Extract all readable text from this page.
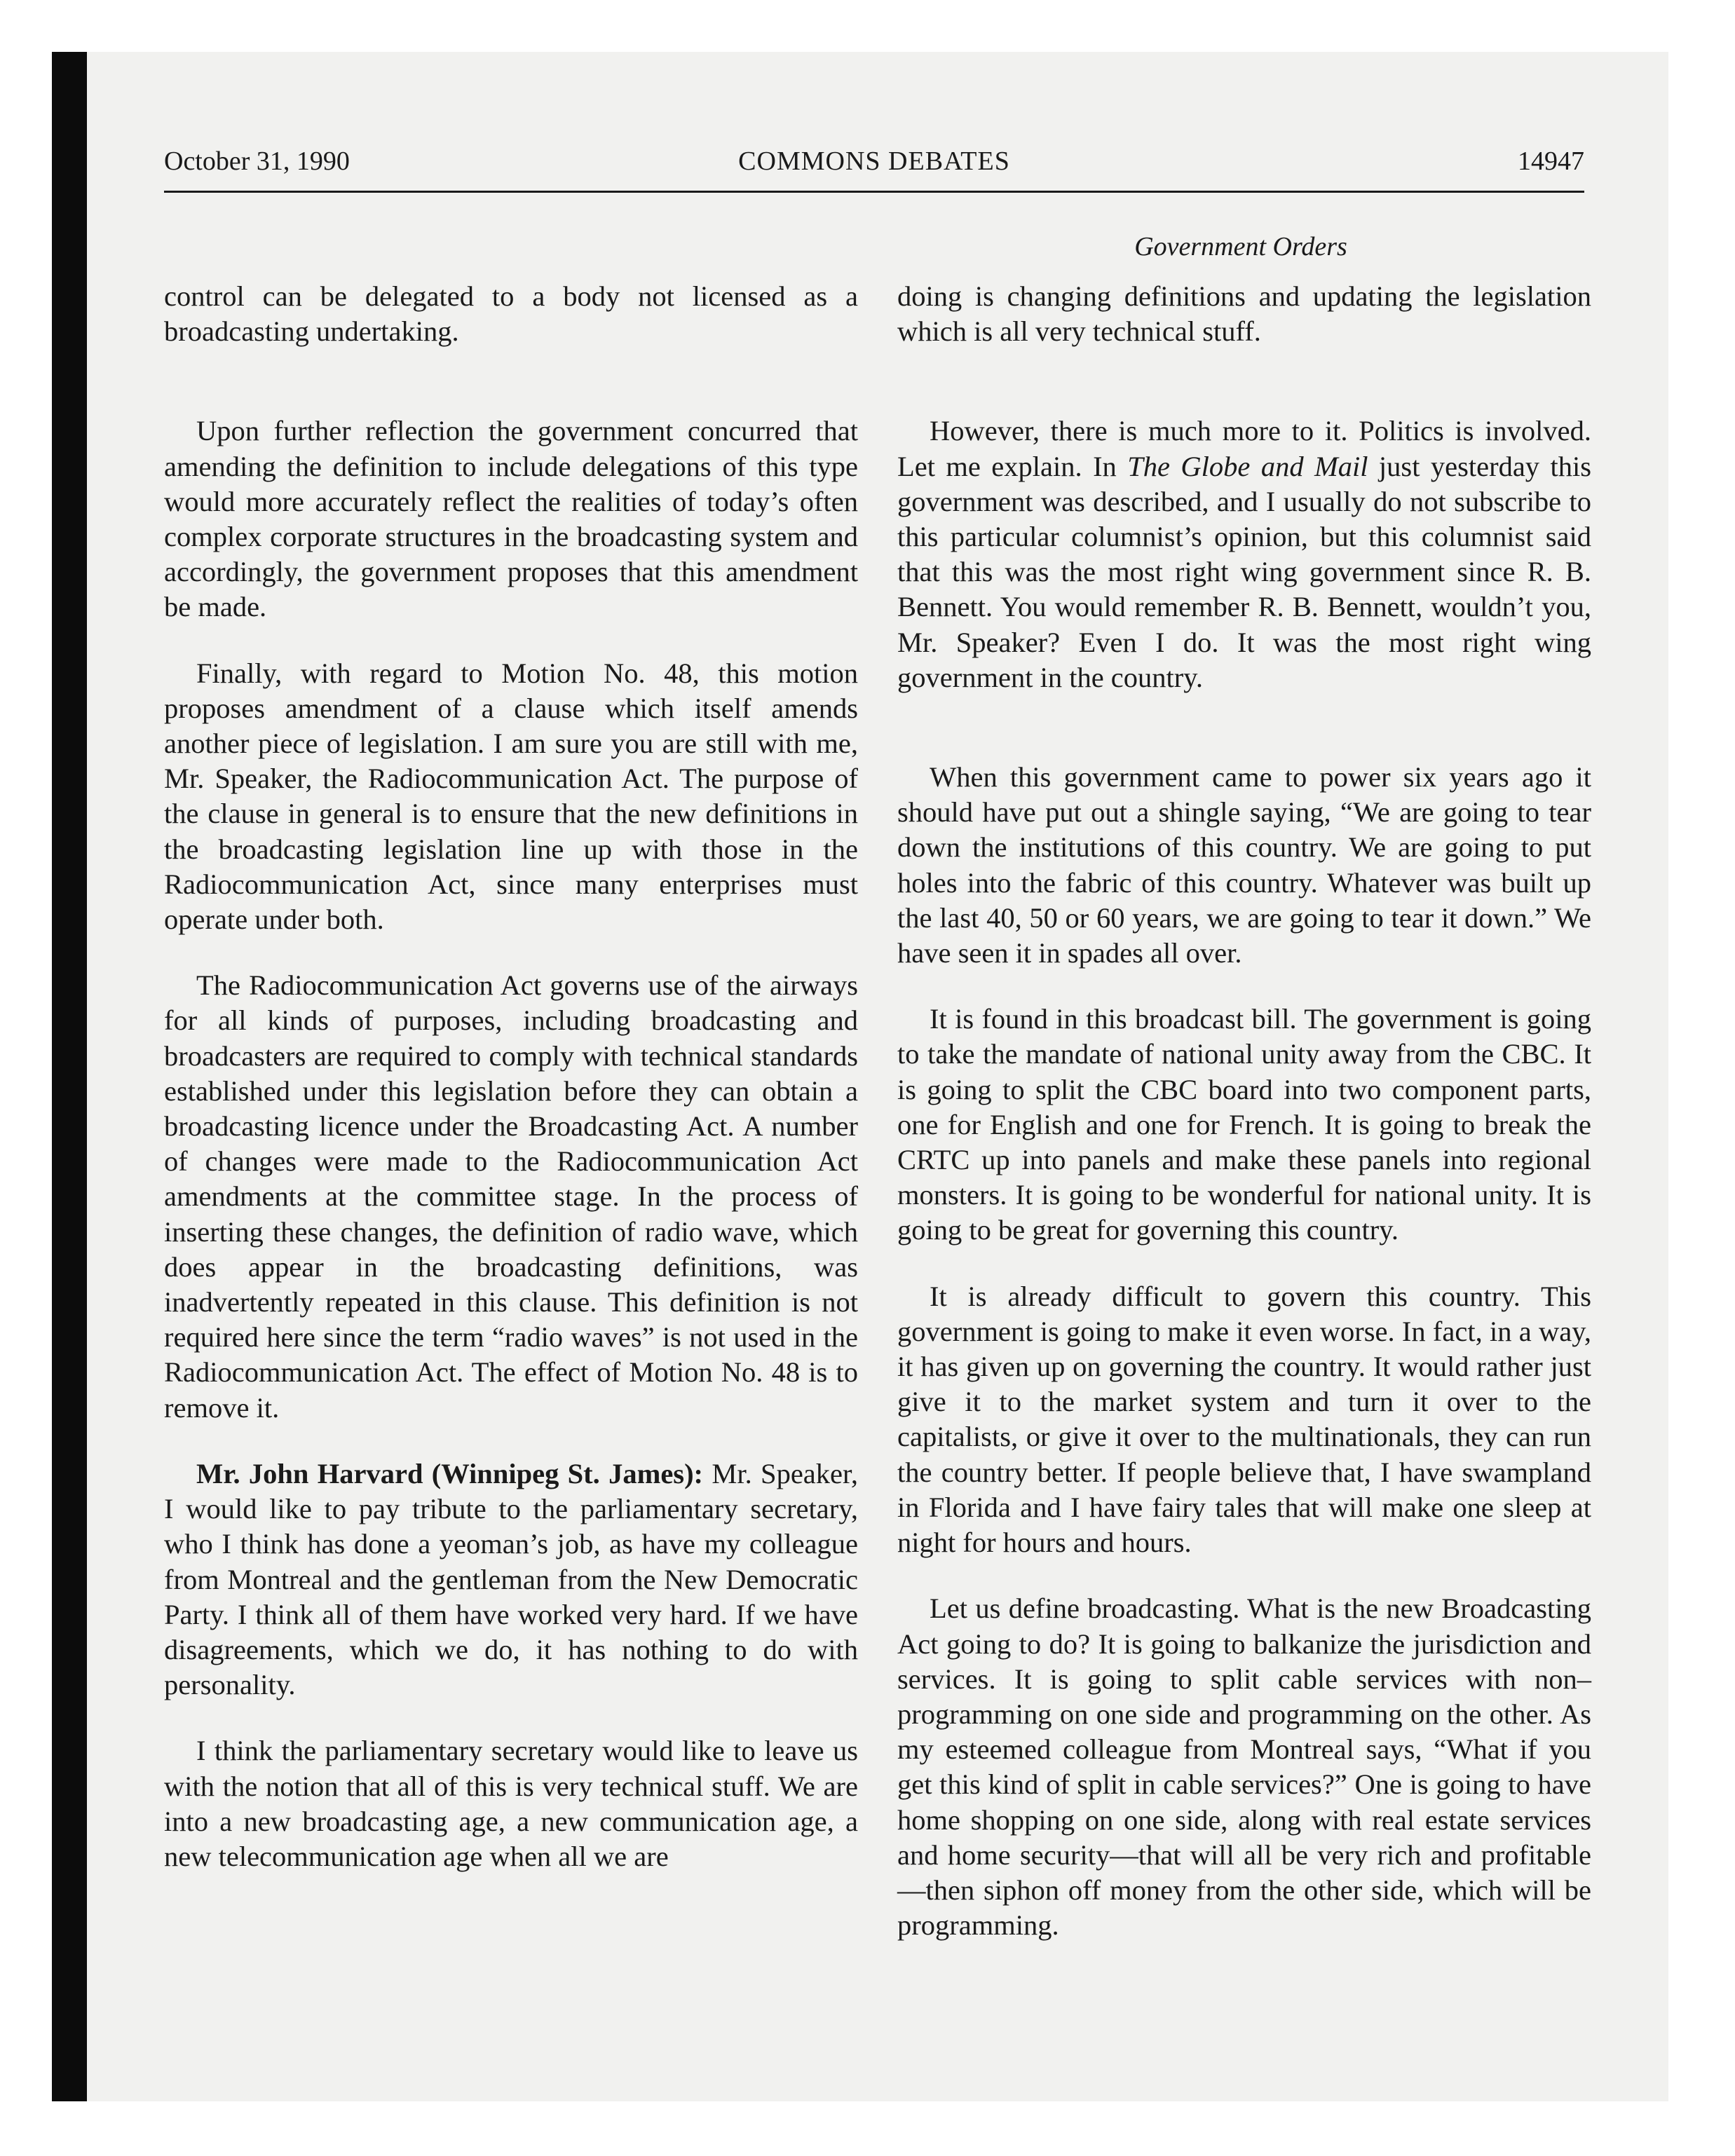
October 31, 1990	COMMONS DEBATES	14947
Government Orders

control can be delegated to a body not licensed as a broadcasting undertaking.

Upon further reflection the government concurred that amending the definition to include delegations of this type would more accurately reflect the realities of today’s often complex corporate structures in the broadcasting system and accordingly, the government proposes that this amendment be made.

Finally, with regard to Motion No. 48, this motion proposes amendment of a clause which itself amends another piece of legislation. I am sure you are still with me, Mr. Speaker, the Radiocommunication Act. The purpose of the clause in general is to ensure that the new definitions in the broadcasting legislation line up with those in the Radiocommunication Act, since many enterprises must operate under both.

The Radiocommunication Act governs use of the airways for all kinds of purposes, including broadcasting and broadcasters are required to comply with technical standards established under this legislation before they can obtain a broadcasting licence under the Broadcasting Act. A number of changes were made to the Radiocommunication Act amendments at the committee stage. In the process of inserting these changes, the definition of radio wave, which does appear in the broadcasting definitions, was inadvertently repeated in this clause. This definition is not required here since the term “radio waves” is not used in the Radiocommunication Act. The effect of Motion No. 48 is to remove it.

Mr. John Harvard (Winnipeg St. James): Mr. Speaker, I would like to pay tribute to the parliamentary secretary, who I think has done a yeoman’s job, as have my colleague from Montreal and the gentleman from the New Democratic Party. I think all of them have worked very hard. If we have disagreements, which we do, it has nothing to do with personality.

I think the parliamentary secretary would like to leave us with the notion that all of this is very technical stuff. We are into a new broadcasting age, a new communication age, a new telecommunication age when all we are

doing is changing definitions and updating the legislation which is all very technical stuff.

However, there is much more to it. Politics is involved. Let me explain. In The Globe and Mail just yesterday this government was described, and I usually do not subscribe to this particular columnist’s opinion, but this columnist said that this was the most right wing government since R. B. Bennett. You would remember R. B. Bennett, wouldn’t you, Mr. Speaker? Even I do. It was the most right wing government in the country.

When this government came to power six years ago it should have put out a shingle saying, “We are going to tear down the institutions of this country. We are going to put holes into the fabric of this country. Whatever was built up the last 40, 50 or 60 years, we are going to tear it down.” We have seen it in spades all over.

It is found in this broadcast bill. The government is going to take the mandate of national unity away from the CBC. It is going to split the CBC board into two component parts, one for English and one for French. It is going to break the CRTC up into panels and make these panels into regional monsters. It is going to be wonderful for national unity. It is going to be great for governing this country.

It is already difficult to govern this country. This government is going to make it even worse. In fact, in a way, it has given up on governing the country. It would rather just give it to the market system and turn it over to the capitalists, or give it over to the multinationals, they can run the country better. If people believe that, I have swampland in Florida and I have fairy tales that will make one sleep at night for hours and hours.

Let us define broadcasting. What is the new Broadcasting Act going to do? It is going to balkanize the jurisdiction and services. It is going to split cable services with non–programming on one side and programming on the other. As my esteemed colleague from Montreal says, “What if you get this kind of split in cable services?” One is going to have home shopping on one side, along with real estate services and home security—that will all be very rich and profitable—then siphon off money from the other side, which will be programming.
